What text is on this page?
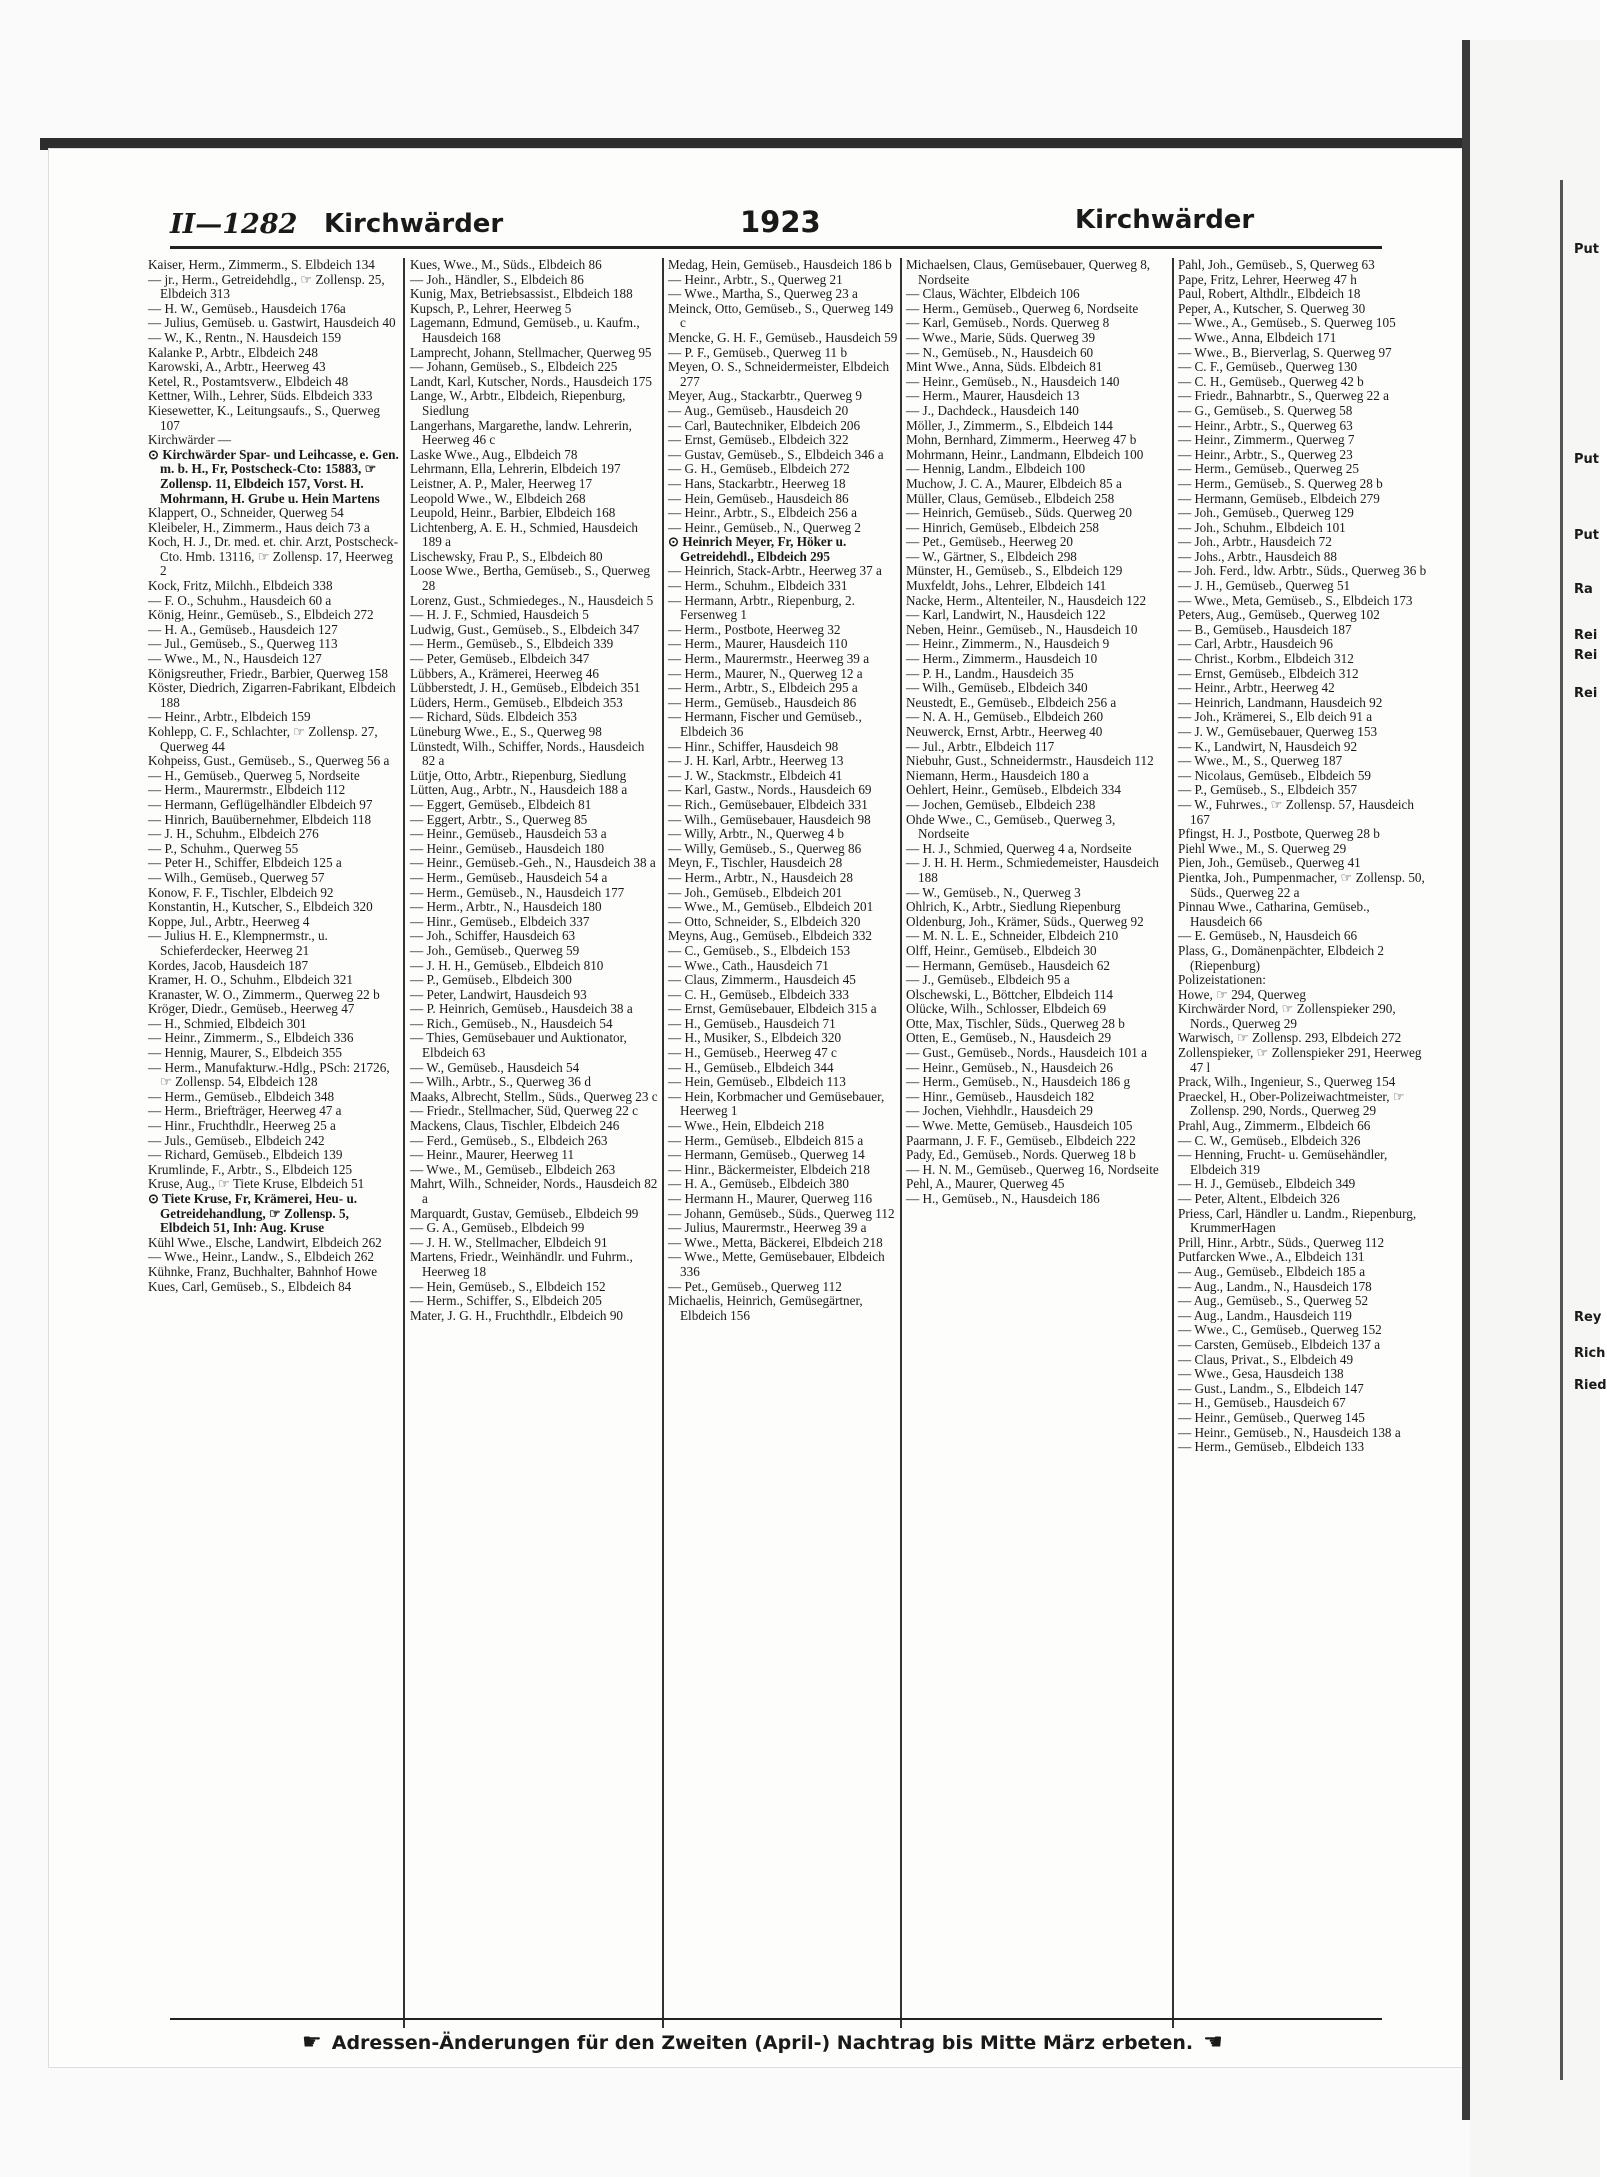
Put
Put
Put
Ra
Rei
Rei
Rei
Rey
Rich
Ried
II—1282 Kirchwärder	1923	Kirchwärder

Kaiser, Herm., Zimmerm., S. Elbdeich 134

— jr., Herm., Getreidehdlg., ☞ Zollensp. 25, Elbdeich 313

— H. W., Gemüseb., Hausdeich 176a

— Julius, Gemüseb. u. Gastwirt, Hausdeich 40

— W., K., Rentn., N. Hausdeich 159

Kalanke P., Arbtr., Elbdeich 248

Karowski, A., Arbtr., Heerweg 43

Ketel, R., Postamtsverw., Elbdeich 48

Kettner, Wilh., Lehrer, Süds. Elbdeich 333

Kiesewetter, K., Leitungsaufs., S., Querweg 107

Kirchwärder —

⊙ Kirchwärder Spar- und Leihcasse, e. Gen. m. b. H., Fr, Postscheck-Cto: 15883, ☞ Zollensp. 11, Elbdeich 157, Vorst. H. Mohrmann, H. Grube u. Hein Martens

Klappert, O., Schneider, Querweg 54

Kleibeler, H., Zimmerm., Haus deich 73 a

Koch, H. J., Dr. med. et. chir. Arzt, Postscheck-Cto. Hmb. 13116, ☞ Zollensp. 17, Heerweg 2

Kock, Fritz, Milchh., Elbdeich 338

— F. O., Schuhm., Hausdeich 60 a

König, Heinr., Gemüseb., S., Elbdeich 272

— H. A., Gemüseb., Hausdeich 127

— Jul., Gemüseb., S., Querweg 113

— Wwe., M., N., Hausdeich 127

Königsreuther, Friedr., Barbier, Querweg 158

Köster, Diedrich, Zigarren-Fabrikant, Elbdeich 188

— Heinr., Arbtr., Elbdeich 159

Kohlepp, C. F., Schlachter, ☞ Zollensp. 27, Querweg 44

Kohpeiss, Gust., Gemüseb., S., Querweg 56 a

— H., Gemüseb., Querweg 5, Nordseite

— Herm., Maurermstr., Elbdeich 112

— Hermann, Geflügelhändler Elbdeich 97

— Hinrich, Bauübernehmer, Elbdeich 118

— J. H., Schuhm., Elbdeich 276

— P., Schuhm., Querweg 55

— Peter H., Schiffer, Elbdeich 125 a

— Wilh., Gemüseb., Querweg 57

Konow, F. F., Tischler, Elbdeich 92

Konstantin, H., Kutscher, S., Elbdeich 320

Koppe, Jul., Arbtr., Heerweg 4

— Julius H. E., Klempnermstr., u. Schieferdecker, Heerweg 21

Kordes, Jacob, Hausdeich 187

Kramer, H. O., Schuhm., Elbdeich 321

Kranaster, W. O., Zimmerm., Querweg 22 b

Kröger, Diedr., Gemüseb., Heerweg 47

— H., Schmied, Elbdeich 301

— Heinr., Zimmerm., S., Elbdeich 336

— Hennig, Maurer, S., Elbdeich 355

— Herm., Manufakturw.-Hdlg., PSch: 21726, ☞ Zollensp. 54, Elbdeich 128

— Herm., Gemüseb., Elbdeich 348

— Herm., Briefträger, Heerweg 47 a

— Hinr., Fruchthdlr., Heerweg 25 a

— Juls., Gemüseb., Elbdeich 242

— Richard, Gemüseb., Elbdeich 139

Krumlinde, F., Arbtr., S., Elbdeich 125

Kruse, Aug., ☞ Tiete Kruse, Elbdeich 51

⊙ Tiete Kruse, Fr, Krämerei, Heu- u. Getreidehandlung, ☞ Zollensp. 5, Elbdeich 51, Inh: Aug. Kruse

Kühl Wwe., Elsche, Landwirt, Elbdeich 262

— Wwe., Heinr., Landw., S., Elbdeich 262

Kühnke, Franz, Buchhalter, Bahnhof Howe

Kues, Carl, Gemüseb., S., Elbdeich 84

Kues, Wwe., M., Süds., Elbdeich 86

— Joh., Händler, S., Elbdeich 86

Kunig, Max, Betriebsassist., Elbdeich 188

Kupsch, P., Lehrer, Heerweg 5

Lagemann, Edmund, Gemüseb., u. Kaufm., Hausdeich 168

Lamprecht, Johann, Stellmacher, Querweg 95

— Johann, Gemüseb., S., Elbdeich 225

Landt, Karl, Kutscher, Nords., Hausdeich 175

Lange, W., Arbtr., Elbdeich, Riepenburg, Siedlung

Langerhans, Margarethe, landw. Lehrerin, Heerweg 46 c

Laske Wwe., Aug., Elbdeich 78

Lehrmann, Ella, Lehrerin, Elbdeich 197

Leistner, A. P., Maler, Heerweg 17

Leopold Wwe., W., Elbdeich 268

Leupold, Heinr., Barbier, Elbdeich 168

Lichtenberg, A. E. H., Schmied, Hausdeich 189 a

Lischewsky, Frau P., S., Elbdeich 80

Loose Wwe., Bertha, Gemüseb., S., Querweg 28

Lorenz, Gust., Schmiedeges., N., Hausdeich 5

— H. J. F., Schmied, Hausdeich 5

Ludwig, Gust., Gemüseb., S., Elbdeich 347

— Herm., Gemüseb., S., Elbdeich 339

— Peter, Gemüseb., Elbdeich 347

Lübbers, A., Krämerei, Heerweg 46

Lübberstedt, J. H., Gemüseb., Elbdeich 351

Lüders, Herm., Gemüseb., Elbdeich 353

— Richard, Süds. Elbdeich 353

Lüneburg Wwe., E., S., Querweg 98

Lünstedt, Wilh., Schiffer, Nords., Hausdeich 82 a

Lütje, Otto, Arbtr., Riepenburg, Siedlung

Lütten, Aug., Arbtr., N., Hausdeich 188 a

— Eggert, Gemüseb., Elbdeich 81

— Eggert, Arbtr., S., Querweg 85

— Heinr., Gemüseb., Hausdeich 53 a

— Heinr., Gemüseb., Hausdeich 180

— Heinr., Gemüseb.-Geh., N., Hausdeich 38 a

— Herm., Gemüseb., Hausdeich 54 a

— Herm., Gemüseb., N., Hausdeich 177

— Herm., Arbtr., N., Hausdeich 180

— Hinr., Gemüseb., Elbdeich 337

— Joh., Schiffer, Hausdeich 63

— Joh., Gemüseb., Querweg 59

— J. H. H., Gemüseb., Elbdeich 810

— P., Gemüseb., Elbdeich 300

— Peter, Landwirt, Hausdeich 93

— P. Heinrich, Gemüseb., Hausdeich 38 a

— Rich., Gemüseb., N., Hausdeich 54

— Thies, Gemüsebauer und Auktionator, Elbdeich 63

— W., Gemüseb., Hausdeich 54

— Wilh., Arbtr., S., Querweg 36 d

Maaks, Albrecht, Stellm., Süds., Querweg 23 c

— Friedr., Stellmacher, Süd, Querweg 22 c

Mackens, Claus, Tischler, Elbdeich 246

— Ferd., Gemüseb., S., Elbdeich 263

— Heinr., Maurer, Heerweg 11

— Wwe., M., Gemüseb., Elbdeich 263

Mahrt, Wilh., Schneider, Nords., Hausdeich 82 a

Marquardt, Gustav, Gemüseb., Elbdeich 99

— G. A., Gemüseb., Elbdeich 99

— J. H. W., Stellmacher, Elbdeich 91

Martens, Friedr., Weinhändlr. und Fuhrm., Heerweg 18

— Hein, Gemüseb., S., Elbdeich 152

— Herm., Schiffer, S., Elbdeich 205

Mater, J. G. H., Fruchthdlr., Elbdeich 90

Medag, Hein, Gemüseb., Hausdeich 186 b

— Heinr., Arbtr., S., Querweg 21

— Wwe., Martha, S., Querweg 23 a

Meinck, Otto, Gemüseb., S., Querweg 149 c

Mencke, G. H. F., Gemüseb., Hausdeich 59

— P. F., Gemüseb., Querweg 11 b

Meyen, O. S., Schneidermeister, Elbdeich 277

Meyer, Aug., Stackarbtr., Querweg 9

— Aug., Gemüseb., Hausdeich 20

— Carl, Bautechniker, Elbdeich 206

— Ernst, Gemüseb., Elbdeich 322

— Gustav, Gemüseb., S., Elbdeich 346 a

— G. H., Gemüseb., Elbdeich 272

— Hans, Stackarbtr., Heerweg 18

— Hein, Gemüseb., Hausdeich 86

— Heinr., Arbtr., S., Elbdeich 256 a

— Heinr., Gemüseb., N., Querweg 2

⊙ Heinrich Meyer, Fr, Höker u. Getreidehdl., Elbdeich 295

— Heinrich, Stack-Arbtr., Heerweg 37 a

— Herm., Schuhm., Elbdeich 331

— Hermann, Arbtr., Riepenburg, 2. Fersenweg 1

— Herm., Postbote, Heerweg 32

— Herm., Maurer, Hausdeich 110

— Herm., Maurermstr., Heerweg 39 a

— Herm., Maurer, N., Querweg 12 a

— Herm., Arbtr., S., Elbdeich 295 a

— Herm., Gemüseb., Hausdeich 86

— Hermann, Fischer und Gemüseb., Elbdeich 36

— Hinr., Schiffer, Hausdeich 98

— J. H. Karl, Arbtr., Heerweg 13

— J. W., Stackmstr., Elbdeich 41

— Karl, Gastw., Nords., Hausdeich 69

— Rich., Gemüsebauer, Elbdeich 331

— Wilh., Gemüsebauer, Hausdeich 98

— Willy, Arbtr., N., Querweg 4 b

— Willy, Gemüseb., S., Querweg 86

Meyn, F., Tischler, Hausdeich 28

— Herm., Arbtr., N., Hausdeich 28

— Joh., Gemüseb., Elbdeich 201

— Wwe., M., Gemüseb., Elbdeich 201

— Otto, Schneider, S., Elbdeich 320

Meyns, Aug., Gemüseb., Elbdeich 332

— C., Gemüseb., S., Elbdeich 153

— Wwe., Cath., Hausdeich 71

— Claus, Zimmerm., Hausdeich 45

— C. H., Gemüseb., Elbdeich 333

— Ernst, Gemüsebauer, Elbdeich 315 a

— H., Gemüseb., Hausdeich 71

— H., Musiker, S., Elbdeich 320

— H., Gemüseb., Heerweg 47 c

— H., Gemüseb., Elbdeich 344

— Hein, Gemüseb., Elbdeich 113

— Hein, Korbmacher und Gemüsebauer, Heerweg 1

— Wwe., Hein, Elbdeich 218

— Herm., Gemüseb., Elbdeich 815 a

— Hermann, Gemüseb., Querweg 14

— Hinr., Bäckermeister, Elbdeich 218

— H. A., Gemüseb., Elbdeich 380

— Hermann H., Maurer, Querweg 116

— Johann, Gemüseb., Süds., Querweg 112

— Julius, Maurermstr., Heerweg 39 a

— Wwe., Metta, Bäckerei, Elbdeich 218

— Wwe., Mette, Gemüsebauer, Elbdeich 336

— Pet., Gemüseb., Querweg 112

Michaelis, Heinrich, Gemüsegärtner, Elbdeich 156

Michaelsen, Claus, Gemüsebauer, Querweg 8, Nordseite

— Claus, Wächter, Elbdeich 106

— Herm., Gemüseb., Querweg 6, Nordseite

— Karl, Gemüseb., Nords. Querweg 8

— Wwe., Marie, Süds. Querweg 39

— N., Gemüseb., N., Hausdeich 60

Mint Wwe., Anna, Süds. Elbdeich 81

— Heinr., Gemüseb., N., Hausdeich 140

— Herm., Maurer, Hausdeich 13

— J., Dachdeck., Hausdeich 140

Möller, J., Zimmerm., S., Elbdeich 144

Mohn, Bernhard, Zimmerm., Heerweg 47 b

Mohrmann, Heinr., Landmann, Elbdeich 100

— Hennig, Landm., Elbdeich 100

Muchow, J. C. A., Maurer, Elbdeich 85 a

Müller, Claus, Gemüseb., Elbdeich 258

— Heinrich, Gemüseb., Süds. Querweg 20

— Hinrich, Gemüseb., Elbdeich 258

— Pet., Gemüseb., Heerweg 20

— W., Gärtner, S., Elbdeich 298

Münster, H., Gemüseb., S., Elbdeich 129

Muxfeldt, Johs., Lehrer, Elbdeich 141

Nacke, Herm., Altenteiler, N., Hausdeich 122

— Karl, Landwirt, N., Hausdeich 122

Neben, Heinr., Gemüseb., N., Hausdeich 10

— Heinr., Zimmerm., N., Hausdeich 9

— Herm., Zimmerm., Hausdeich 10

— P. H., Landm., Hausdeich 35

— Wilh., Gemüseb., Elbdeich 340

Neustedt, E., Gemüseb., Elbdeich 256 a

— N. A. H., Gemüseb., Elbdeich 260

Neuwerck, Ernst, Arbtr., Heerweg 40

— Jul., Arbtr., Elbdeich 117

Niebuhr, Gust., Schneidermstr., Hausdeich 112

Niemann, Herm., Hausdeich 180 a

Oehlert, Heinr., Gemüseb., Elbdeich 334

— Jochen, Gemüseb., Elbdeich 238

Ohde Wwe., C., Gemüseb., Querweg 3, Nordseite

— H. J., Schmied, Querweg 4 a, Nordseite

— J. H. H. Herm., Schmiedemeister, Hausdeich 188

— W., Gemüseb., N., Querweg 3

Ohlrich, K., Arbtr., Siedlung Riepenburg

Oldenburg, Joh., Krämer, Süds., Querweg 92

— M. N. L. E., Schneider, Elbdeich 210

Olff, Heinr., Gemüseb., Elbdeich 30

— Hermann, Gemüseb., Hausdeich 62

— J., Gemüseb., Elbdeich 95 a

Olschewski, L., Böttcher, Elbdeich 114

Olücke, Wilh., Schlosser, Elbdeich 69

Otte, Max, Tischler, Süds., Querweg 28 b

Otten, E., Gemüseb., N., Hausdeich 29

— Gust., Gemüseb., Nords., Hausdeich 101 a

— Heinr., Gemüseb., N., Hausdeich 26

— Herm., Gemüseb., N., Hausdeich 186 g

— Hinr., Gemüseb., Hausdeich 182

— Jochen, Viehhdlr., Hausdeich 29

— Wwe. Mette, Gemüseb., Hausdeich 105

Paarmann, J. F. F., Gemüseb., Elbdeich 222

Pady, Ed., Gemüseb., Nords. Querweg 18 b

— H. N. M., Gemüseb., Querweg 16, Nordseite

Pehl, A., Maurer, Querweg 45

— H., Gemüseb., N., Hausdeich 186

Pahl, Joh., Gemüseb., S, Querweg 63

Pape, Fritz, Lehrer, Heerweg 47 h

Paul, Robert, Althdlr., Elbdeich 18

Peper, A., Kutscher, S. Querweg 30

— Wwe., A., Gemüseb., S. Querweg 105

— Wwe., Anna, Elbdeich 171

— Wwe., B., Bierverlag, S. Querweg 97

— C. F., Gemüseb., Querweg 130

— C. H., Gemüseb., Querweg 42 b

— Friedr., Bahnarbtr., S., Querweg 22 a

— G., Gemüseb., S. Querweg 58

— Heinr., Arbtr., S., Querweg 63

— Heinr., Zimmerm., Querweg 7

— Heinr., Arbtr., S., Querweg 23

— Herm., Gemüseb., Querweg 25

— Herm., Gemüseb., S. Querweg 28 b

— Hermann, Gemüseb., Elbdeich 279

— Joh., Gemüseb., Querweg 129

— Joh., Schuhm., Elbdeich 101

— Joh., Arbtr., Hausdeich 72

— Johs., Arbtr., Hausdeich 88

— Joh. Ferd., ldw. Arbtr., Süds., Querweg 36 b

— J. H., Gemüseb., Querweg 51

— Wwe., Meta, Gemüseb., S., Elbdeich 173

Peters, Aug., Gemüseb., Querweg 102

— B., Gemüseb., Hausdeich 187

— Carl, Arbtr., Hausdeich 96

— Christ., Korbm., Elbdeich 312

— Ernst, Gemüseb., Elbdeich 312

— Heinr., Arbtr., Heerweg 42

— Heinrich, Landmann, Hausdeich 92

— Joh., Krämerei, S., Elb deich 91 a

— J. W., Gemüsebauer, Querweg 153

— K., Landwirt, N, Hausdeich 92

— Wwe., M., S., Querweg 187

— Nicolaus, Gemüseb., Elbdeich 59

— P., Gemüseb., S., Elbdeich 357

— W., Fuhrwes., ☞ Zollensp. 57, Hausdeich 167

Pfingst, H. J., Postbote, Querweg 28 b

Piehl Wwe., M., S. Querweg 29

Pien, Joh., Gemüseb., Querweg 41

Pientka, Joh., Pumpenmacher, ☞ Zollensp. 50, Süds., Querweg 22 a

Pinnau Wwe., Catharina, Gemüseb., Hausdeich 66

— E. Gemüseb., N, Hausdeich 66

Plass, G., Domänenpächter, Elbdeich 2 (Riepenburg)

Polizeistationen:

Howe, ☞ 294, Querweg

Kirchwärder Nord, ☞ Zollenspieker 290, Nords., Querweg 29

Warwisch, ☞ Zollensp. 293, Elbdeich 272

Zollenspieker, ☞ Zollenspieker 291, Heerweg 47 l

Prack, Wilh., Ingenieur, S., Querweg 154

Praeckel, H., Ober-Polizeiwachtmeister, ☞ Zollensp. 290, Nords., Querweg 29

Prahl, Aug., Zimmerm., Elbdeich 66

— C. W., Gemüseb., Elbdeich 326

— Henning, Frucht- u. Gemüsehändler, Elbdeich 319

— H. J., Gemüseb., Elbdeich 349

— Peter, Altent., Elbdeich 326

Priess, Carl, Händler u. Landm., Riepenburg, KrummerHagen

Prill, Hinr., Arbtr., Süds., Querweg 112

Putfarcken Wwe., A., Elbdeich 131

— Aug., Gemüseb., Elbdeich 185 a

— Aug., Landm., N., Hausdeich 178

— Aug., Gemüseb., S., Querweg 52

— Aug., Landm., Hausdeich 119

— Wwe., C., Gemüseb., Querweg 152

— Carsten, Gemüseb., Elbdeich 137 a

— Claus, Privat., S., Elbdeich 49

— Wwe., Gesa, Hausdeich 138

— Gust., Landm., S., Elbdeich 147

— H., Gemüseb., Hausdeich 67

— Heinr., Gemüseb., Querweg 145

— Heinr., Gemüseb., N., Hausdeich 138 a

— Herm., Gemüseb., Elbdeich 133

☛ Adressen-Änderungen für den Zweiten (April-) Nachtrag bis Mitte März erbeten. ☚
